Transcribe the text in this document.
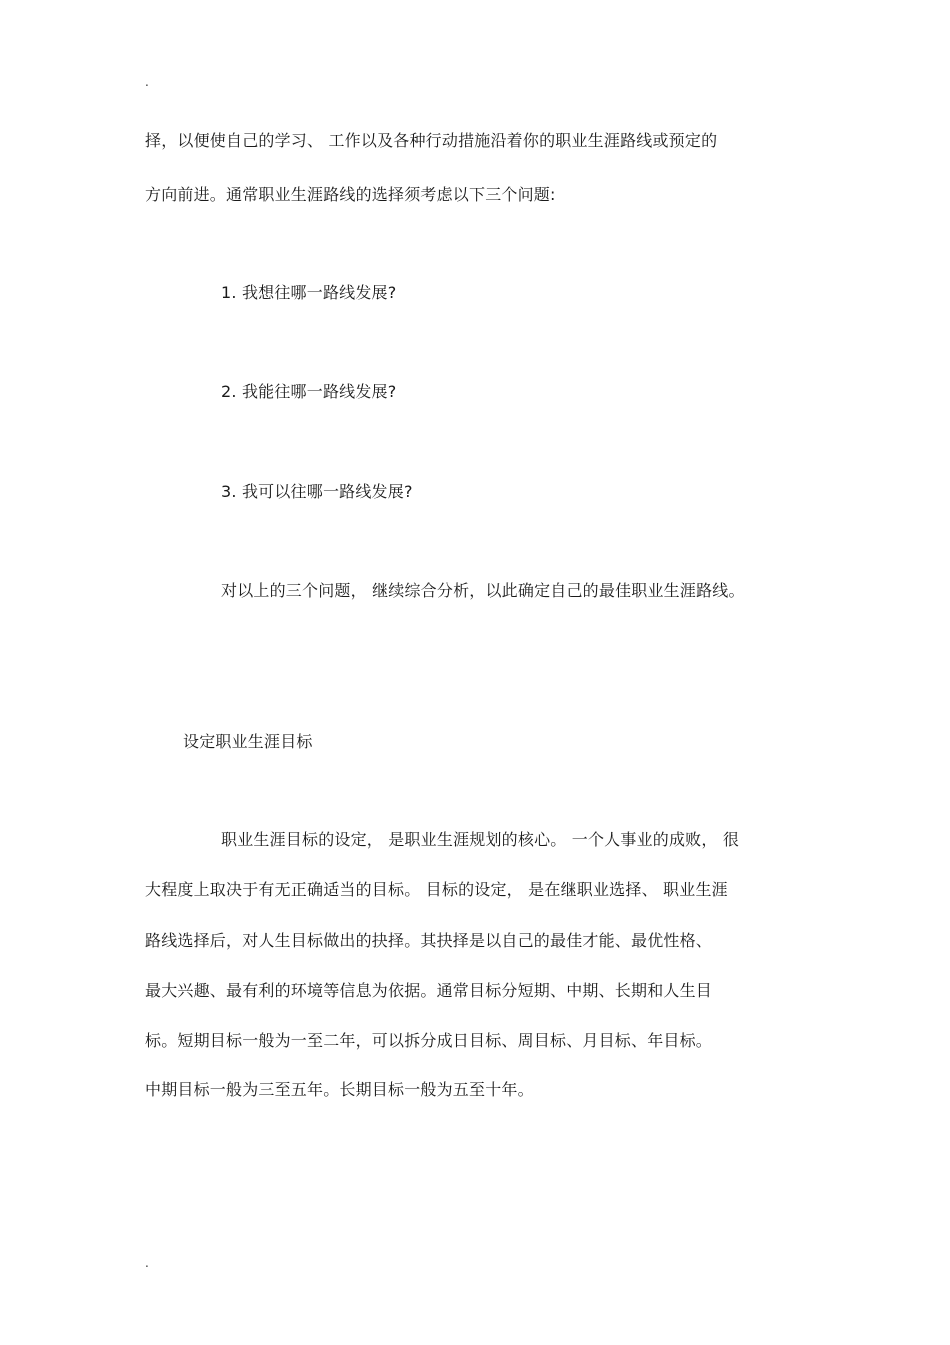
.
择，以便使自己的学习、 工作以及各种行动措施沿着你的职业生涯路线或预定的
方向前进。通常职业生涯路线的选择须考虑以下三个问题:
1. 我想往哪一路线发展?
2. 我能往哪一路线发展?
3. 我可以往哪一路线发展?
对以上的三个问题， 继续综合分析，以此确定自己的最佳职业生涯路线。
设定职业生涯目标
职业生涯目标的设定， 是职业生涯规划的核心。 一个人事业的成败， 很
大程度上取决于有无正确适当的目标。 目标的设定， 是在继职业选择、 职业生涯
路线选择后，对人生目标做出的抉择。其抉择是以自己的最佳才能、最优性格、
最大兴趣、最有利的环境等信息为依据。通常目标分短期、中期、长期和人生目
标。短期目标一般为一至二年，可以拆分成日目标、周目标、月目标、年目标。
中期目标一般为三至五年。长期目标一般为五至十年。
.
